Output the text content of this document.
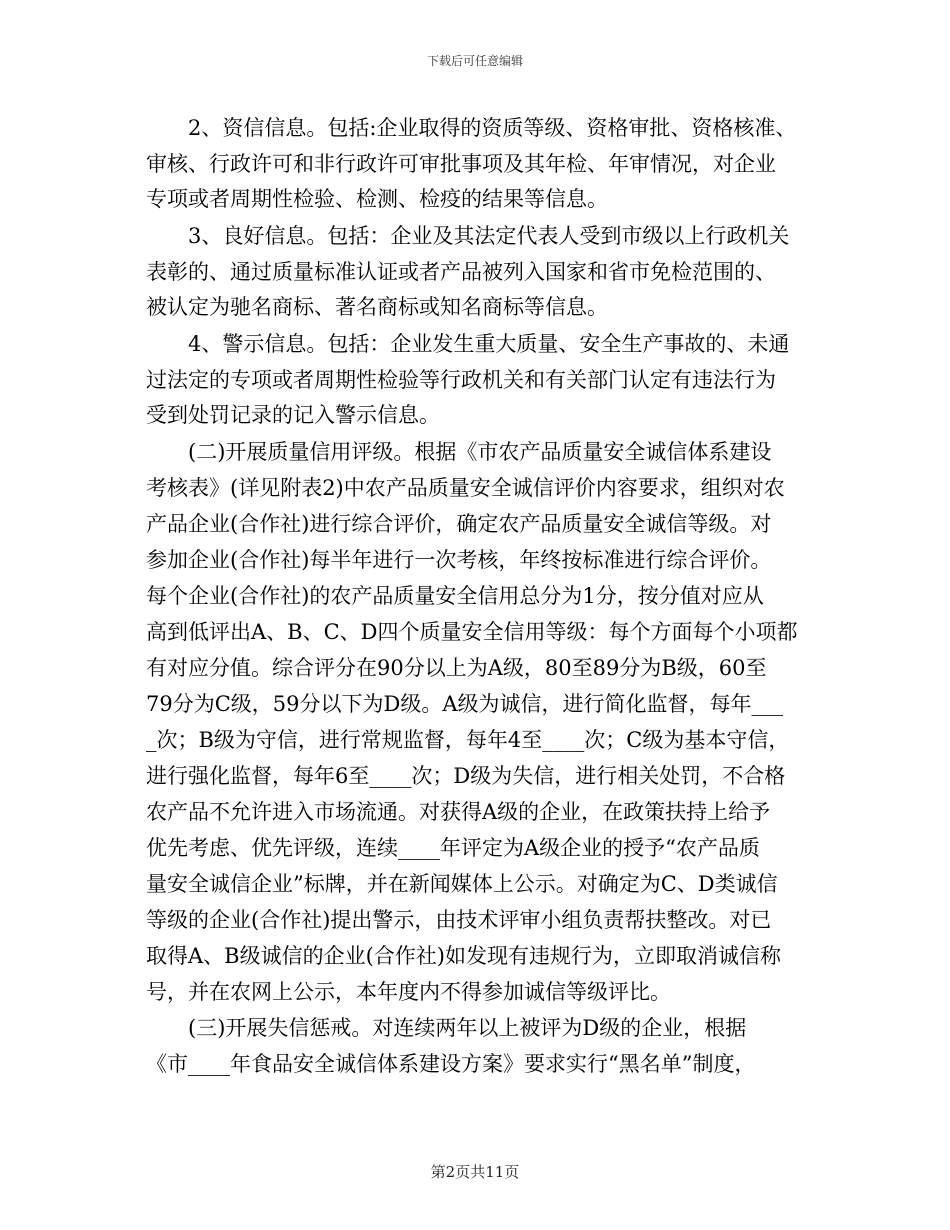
下载后可任意编辑
2、资信信息。包括:企业取得的资质等级、资格审批、资格核准、
审核、行政许可和非行政许可审批事项及其年检、年审情况，对企业
专项或者周期性检验、检测、检疫的结果等信息。
3、良好信息。包括：企业及其法定代表人受到市级以上行政机关
表彰的、通过质量标准认证或者产品被列入国家和省市免检范围的、
被认定为驰名商标、著名商标或知名商标等信息。
4、警示信息。包括：企业发生重大质量、安全生产事故的、未通
过法定的专项或者周期性检验等行政机关和有关部门认定有违法行为
受到处罚记录的记入警示信息。
(二)开展质量信用评级。根据《市农产品质量安全诚信体系建设
考核表》(详见附表2)中农产品质量安全诚信评价内容要求，组织对农
产品企业(合作社)进行综合评价，确定农产品质量安全诚信等级。对
参加企业(合作社)每半年进行一次考核，年终按标准进行综合评价。
每个企业(合作社)的农产品质量安全信用总分为1分，按分值对应从
高到低评出A、B、C、D四个质量安全信用等级：每个方面每个小项都
有对应分值。综合评分在90分以上为A级，80至89分为B级，60至
79分为C级，59分以下为D级。A级为诚信，进行简化监督，每年___
_次；B级为守信，进行常规监督，每年4至____次；C级为基本守信，
进行强化监督，每年6至____次；D级为失信，进行相关处罚，不合格
农产品不允许进入市场流通。对获得A级的企业，在政策扶持上给予
优先考虑、优先评级，连续____年评定为A级企业的授予“农产品质
量安全诚信企业”标牌，并在新闻媒体上公示。对确定为C、D类诚信
等级的企业(合作社)提出警示，由技术评审小组负责帮扶整改。对已
取得A、B级诚信的企业(合作社)如发现有违规行为，立即取消诚信称
号，并在农网上公示，本年度内不得参加诚信等级评比。
(三)开展失信惩戒。对连续两年以上被评为D级的企业，根据
《市____年食品安全诚信体系建设方案》要求实行“黑名单”制度，
第2页共11页
